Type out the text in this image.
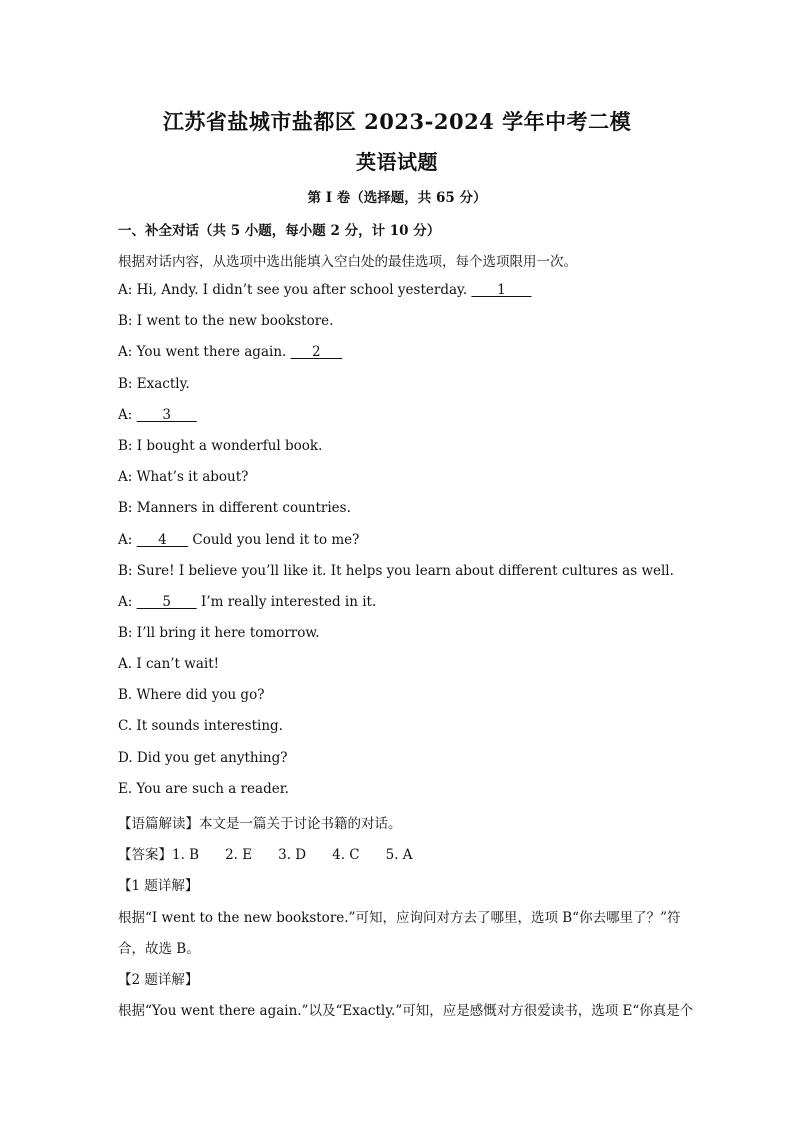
江苏省盐城市盐都区 2023-2024 学年中考二模
英语试题
第 I 卷（选择题，共 65 分）
一、补全对话（共 5 小题，每小题 2 分，计 10 分）
根据对话内容，从选项中选出能填入空白处的最佳选项，每个选项限用一次。
A: Hi, Andy. I didn’t see you after school yesterday.       1
B: I went to the new bookstore.
A: You went there again.      2
B: Exactly.
A:       3
B: I bought a wonderful book.
A: What’s it about?
B: Manners in different countries.
A:      4      Could you lend it to me?
B: Sure! I believe you’ll like it. It helps you learn about different cultures as well.
A:       5       I’m really interested in it.
B: I’ll bring it here tomorrow.
A. I can’t wait!
B. Where did you go?
C. It sounds interesting.
D. Did you get anything?
E. You are such a reader.
【语篇解读】本文是一篇关于讨论书籍的对话。
【答案】1. B 2. E 3. D 4. C 5. A
【1 题详解】
根据“I went to the new bookstore.”可知，应询问对方去了哪里，选项 B“你去哪里了？”符
合，故选 B。
【2 题详解】
根据“You went there again.”以及“Exactly.”可知，应是感慨对方很爱读书，选项 E“你真是个
